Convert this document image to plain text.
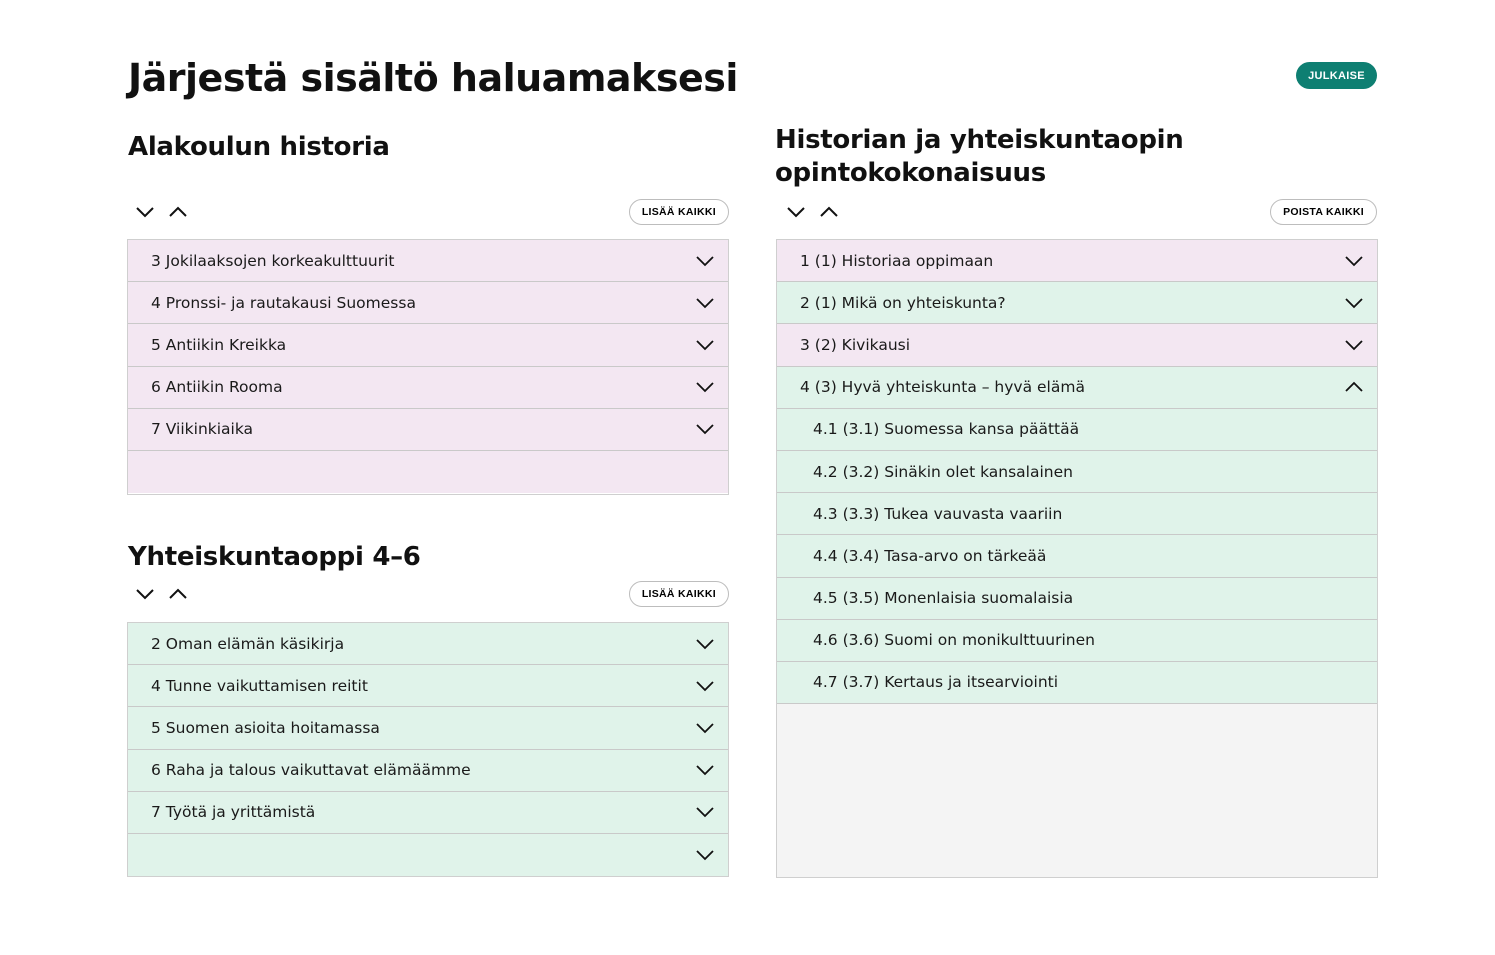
Järjestä sisältö haluamaksesi	JULKAISE
Alakoulun historia
LISÄÄ KAIKKI
3 Jokilaaksojen korkeakulttuurit
4 Pronssi- ja rautakausi Suomessa
5 Antiikin Kreikka
6 Antiikin Rooma
7 Viikinkiaika
Yhteiskuntaoppi 4–6
LISÄÄ KAIKKI
2 Oman elämän käsikirja
4 Tunne vaikuttamisen reitit
5 Suomen asioita hoitamassa
6 Raha ja talous vaikuttavat elämäämme
7 Työtä ja yrittämistä
Historian ja yhteiskuntaopin
opintokokonaisuus
POISTA KAIKKI
1 (1) Historiaa oppimaan
2 (1) Mikä on yhteiskunta?
3 (2) Kivikausi
4 (3) Hyvä yhteiskunta – hyvä elämä
4.1 (3.1) Suomessa kansa päättää
4.2 (3.2) Sinäkin olet kansalainen
4.3 (3.3) Tukea vauvasta vaariin
4.4 (3.4) Tasa-arvo on tärkeää
4.5 (3.5) Monenlaisia suomalaisia
4.6 (3.6) Suomi on monikulttuurinen
4.7 (3.7) Kertaus ja itsearviointi
